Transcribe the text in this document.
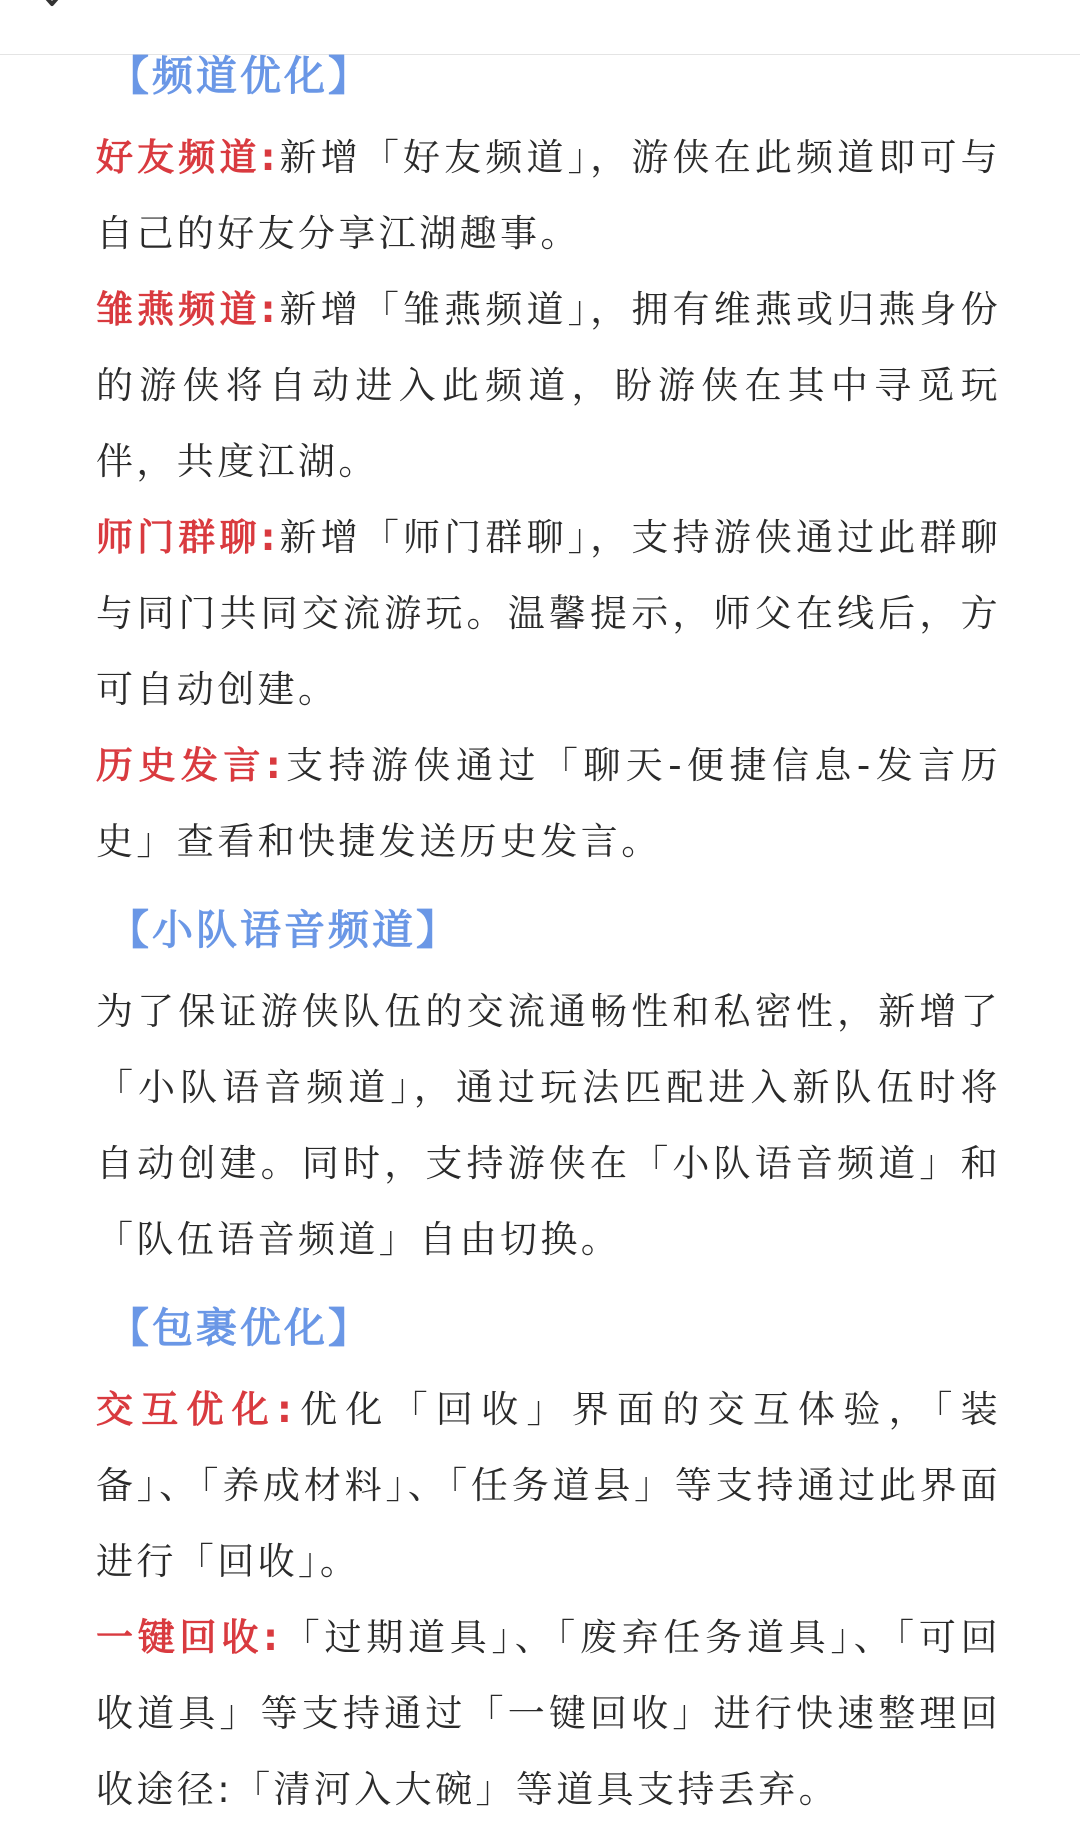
【频道优化】

好友频道:新增「好友频道」，游侠在此频道即可与自己的好友分享江湖趣事。

雏燕频道:新增「雏燕频道」，拥有维燕或归燕身份的游侠将自动进入此频道，盼游侠在其中寻觅玩伴，共度江湖。

师门群聊:新增「师门群聊」，支持游侠通过此群聊与同门共同交流游玩。温馨提示，师父在线后，方可自动创建。

历史发言:支持游侠通过「聊天-便捷信息-发言历史」查看和快捷发送历史发言。

【小队语音频道】

为了保证游侠队伍的交流通畅性和私密性，新增了「小队语音频道」，通过玩法匹配进入新队伍时将自动创建。同时，支持游侠在「小队语音频道」和「队伍语音频道」自由切换。

【包裹优化】

交互优化:优化「回收」界面的交互体验，「装备」、「养成材料」、「任务道县」等支持通过此界面进行「回收」。

一键回收:「过期道具」、「废弃任务道具」、「可回收道具」等支持通过「一键回收」进行快速整理回收途径:「清河入大碗」等道具支持丢弃。
